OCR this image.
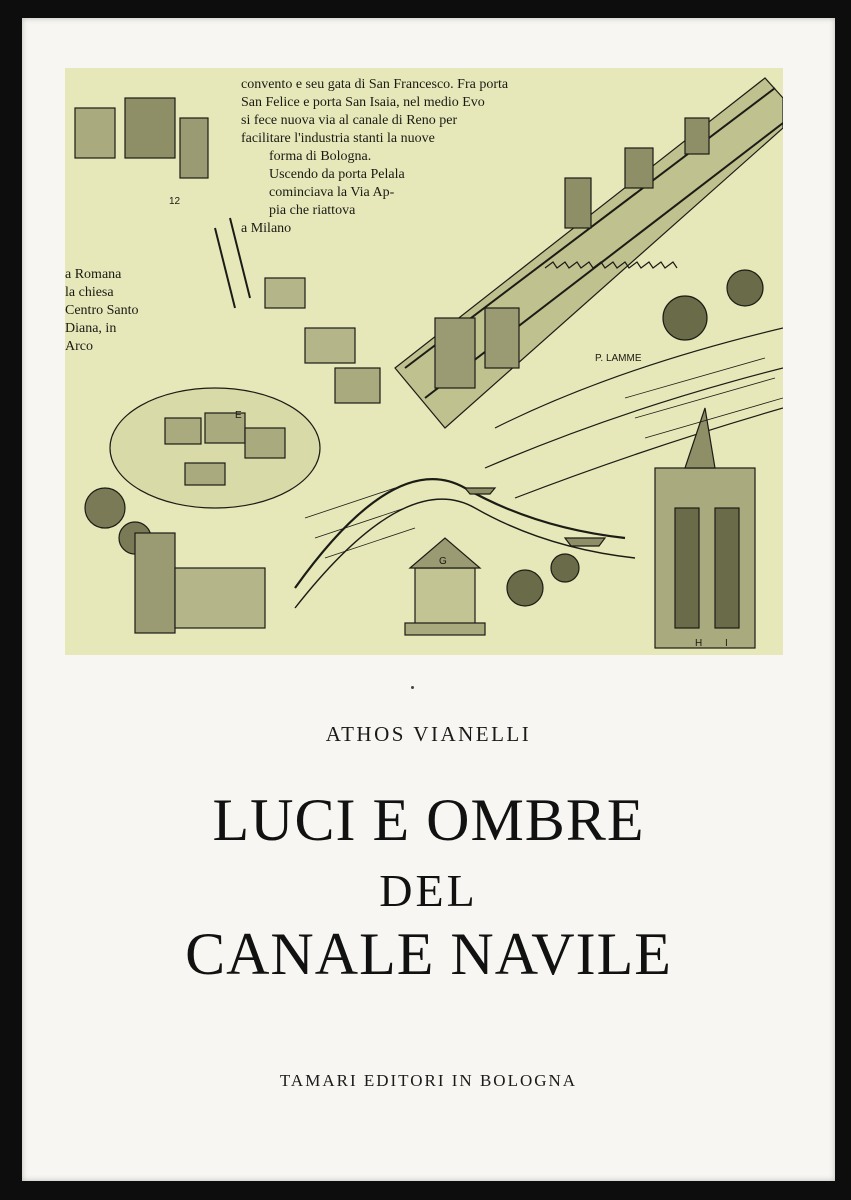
convento e seu gata di San Francesco. Fra porta
San Felice e porta San Isaia, nel medio Evo
si fece nuova via al canale di Reno per
facilitare l'industria stanti la nuove
forma di Bologna.
Uscendo da porta Pelala
cominciava la Via Ap-
pia che riattova
a Milano
a Romana
la chiesa
Centro Santo
Diana, in
Arco
P. LAMME
E
G
H I
12
ATHOS VIANELLI
LUCI E OMBRE
DEL
CANALE NAVILE
TAMARI EDITORI IN BOLOGNA
